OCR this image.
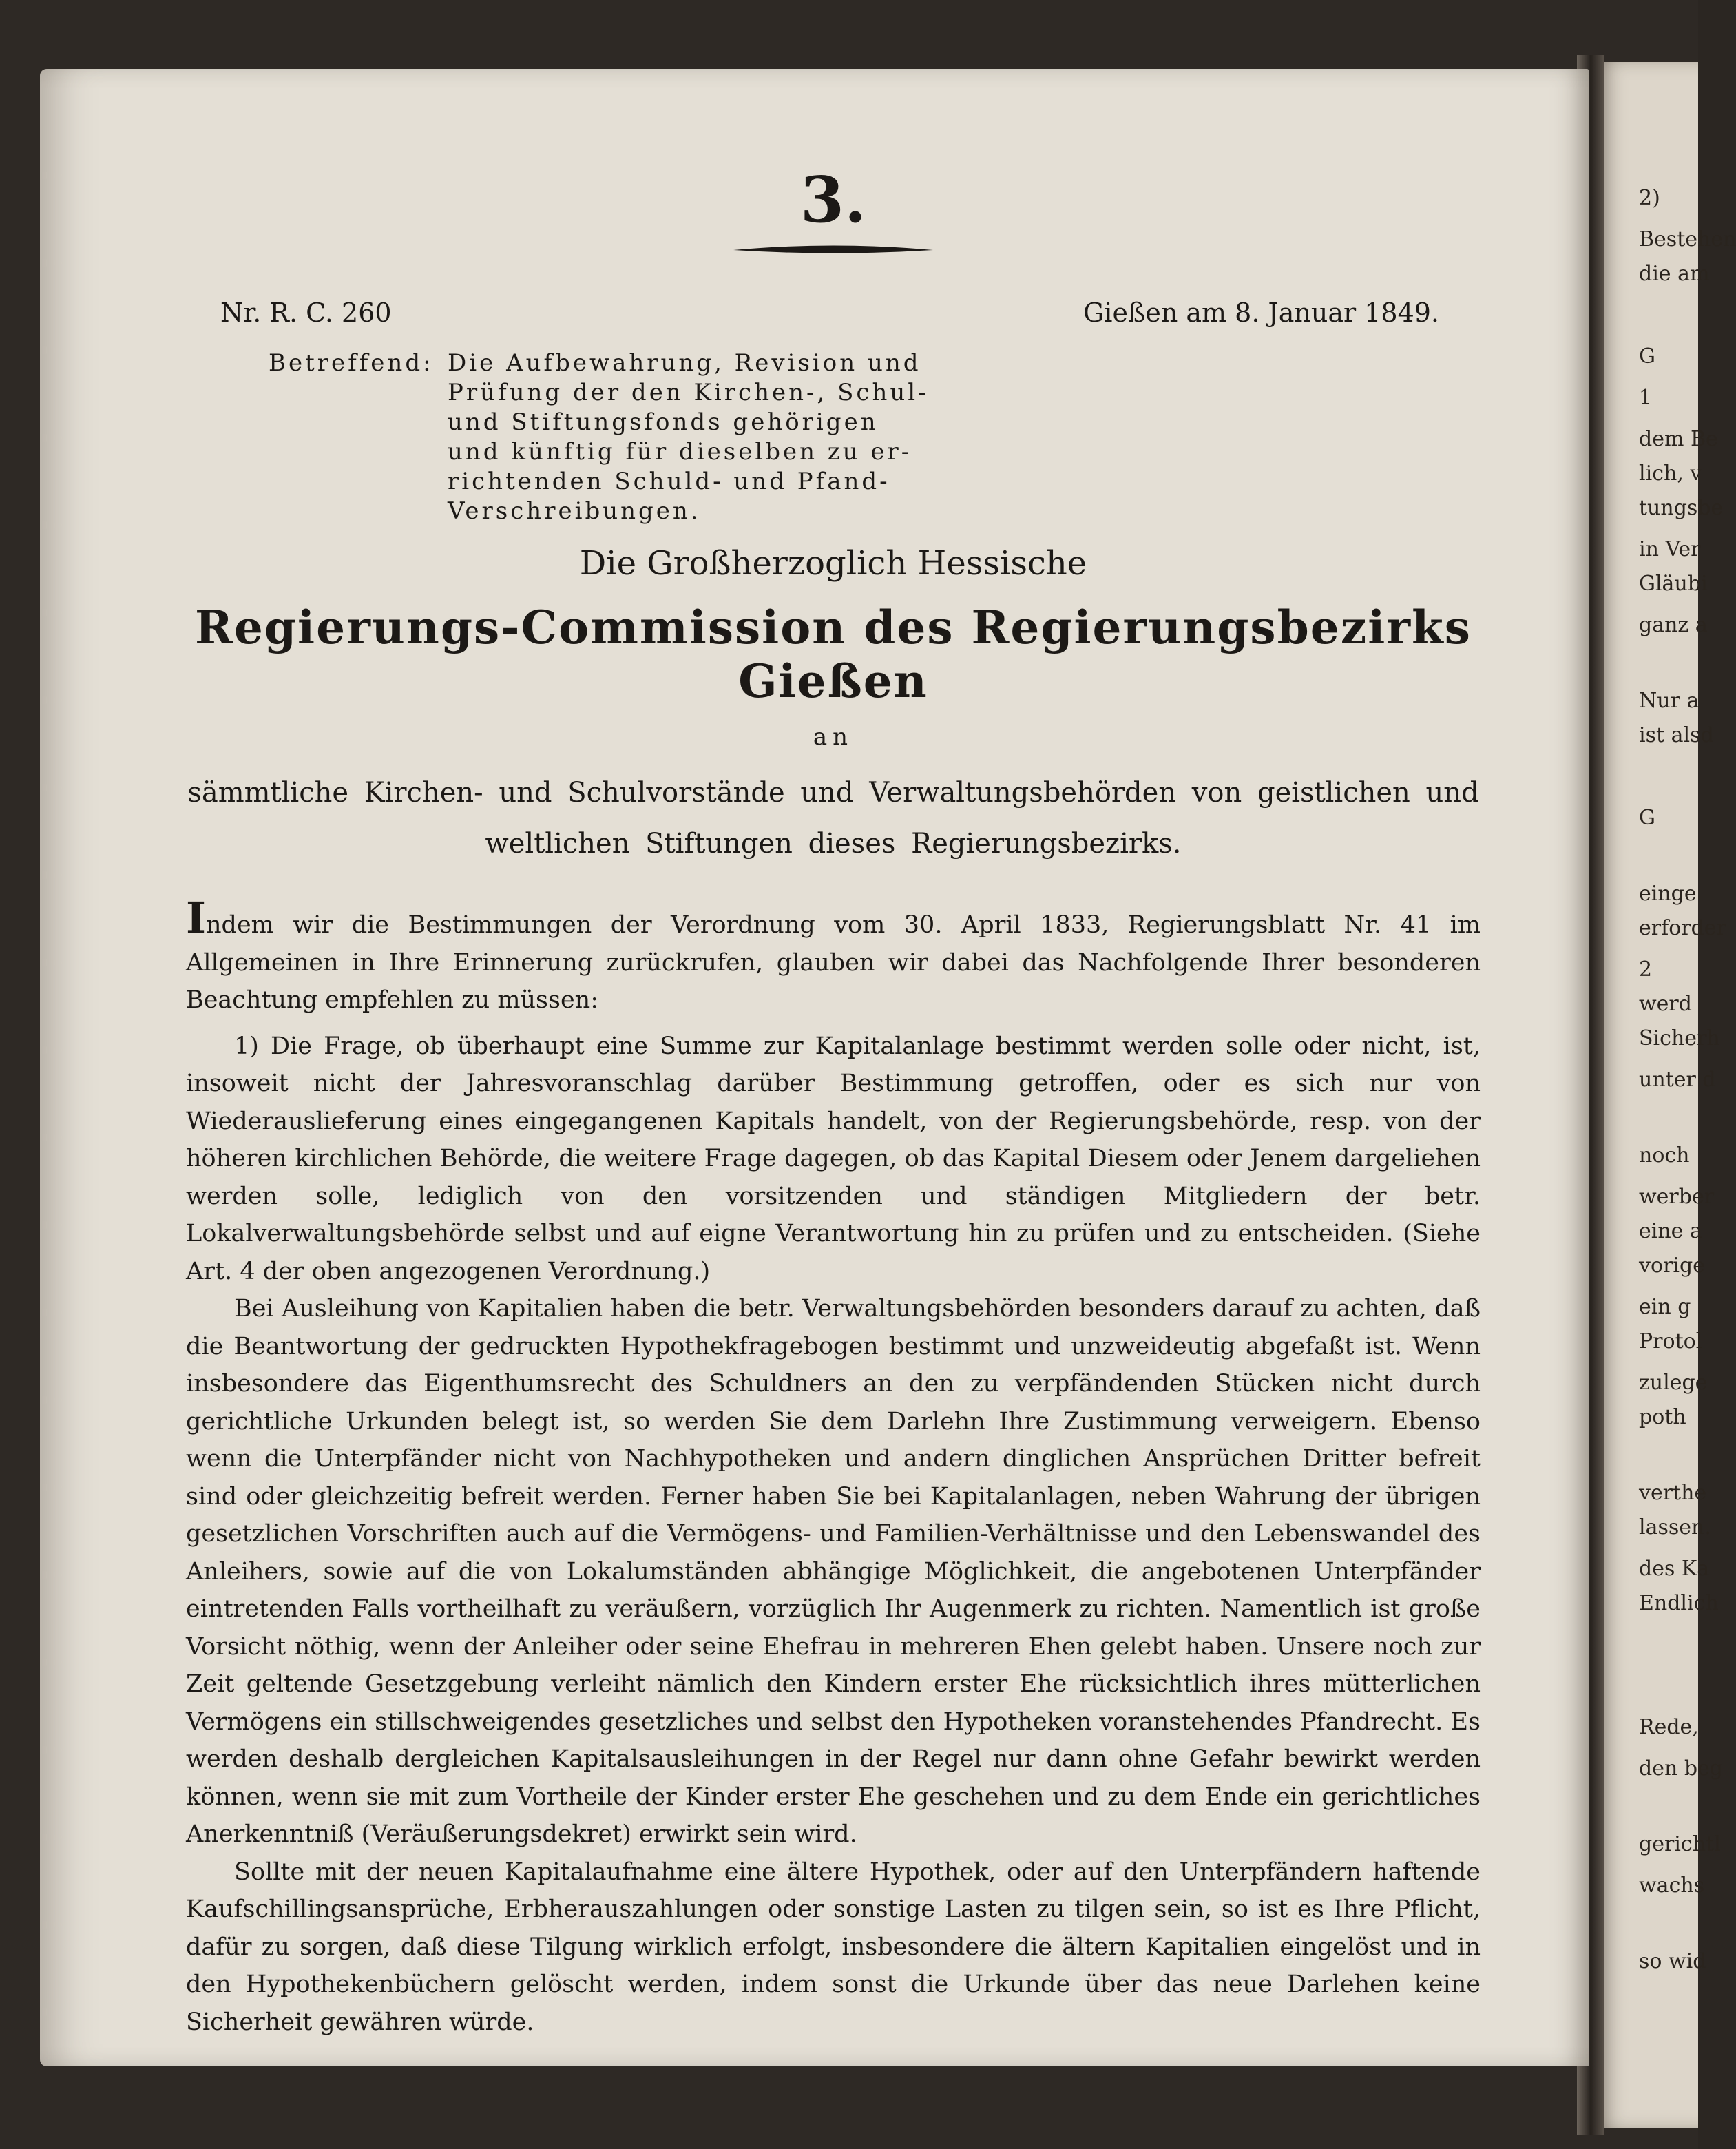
3.
Nr. R. C. 260	Gießen am 8. Januar 1849.
Betreffend: Die Aufbewahrung, Revision und
Prüfung der den Kirchen-, Schul-
und Stiftungsfonds gehörigen
und künftig für dieselben zu er-
richtenden Schuld- und Pfand-
Verschreibungen.
Die Großherzoglich Hessische
Regierungs-Commission des Regierungsbezirks Gießen
an
sämmtliche Kirchen- und Schulvorstände und Verwaltungsbehörden von geistlichen und
weltlichen Stiftungen dieses Regierungsbezirks.

Indem wir die Bestimmungen der Verordnung vom 30. April 1833, Regierungsblatt Nr. 41 im Allgemeinen in Ihre Erinnerung zurückrufen, glauben wir dabei das Nachfolgende Ihrer besonderen Beachtung empfehlen zu müssen:

1) Die Frage, ob überhaupt eine Summe zur Kapitalanlage bestimmt werden solle oder nicht, ist, insoweit nicht der Jahresvoranschlag darüber Bestimmung getroffen, oder es sich nur von Wiederauslieferung eines eingegangenen Kapitals handelt, von der Regierungsbehörde, resp. von der höheren kirchlichen Behörde, die weitere Frage dagegen, ob das Kapital Diesem oder Jenem dargeliehen werden solle, lediglich von den vorsitzenden und ständigen Mitgliedern der betr. Lokalverwaltungsbehörde selbst und auf eigne Verantwortung hin zu prüfen und zu entscheiden. (Siehe Art. 4 der oben angezogenen Verordnung.)

Bei Ausleihung von Kapitalien haben die betr. Verwaltungsbehörden besonders darauf zu achten, daß die Beantwortung der gedruckten Hypothekfragebogen bestimmt und unzweideutig abgefaßt ist. Wenn insbesondere das Eigenthumsrecht des Schuldners an den zu verpfändenden Stücken nicht durch gerichtliche Urkunden belegt ist, so werden Sie dem Darlehn Ihre Zustimmung verweigern. Ebenso wenn die Unterpfänder nicht von Nachhypotheken und andern dinglichen Ansprüchen Dritter befreit sind oder gleichzeitig befreit werden. Ferner haben Sie bei Kapitalanlagen, neben Wahrung der übrigen gesetzlichen Vorschriften auch auf die Vermögens- und Familien-Verhältnisse und den Lebenswandel des Anleihers, sowie auf die von Lokalumständen abhängige Möglichkeit, die angebotenen Unterpfänder eintretenden Falls vortheilhaft zu veräußern, vorzüglich Ihr Augenmerk zu richten. Namentlich ist große Vorsicht nöthig, wenn der Anleiher oder seine Ehefrau in mehreren Ehen gelebt haben. Unsere noch zur Zeit geltende Gesetzgebung verleiht nämlich den Kindern erster Ehe rücksichtlich ihres mütterlichen Vermögens ein stillschweigendes gesetzliches und selbst den Hypotheken voranstehendes Pfandrecht. Es werden deshalb dergleichen Kapitalsausleihungen in der Regel nur dann ohne Gefahr bewirkt werden können, wenn sie mit zum Vortheile der Kinder erster Ehe geschehen und zu dem Ende ein gerichtliches Anerkenntniß (Veräußerungsdekret) erwirkt sein wird.

Sollte mit der neuen Kapitalaufnahme eine ältere Hypothek, oder auf den Unterpfändern haftende Kaufschillingsansprüche, Erbherauszahlungen oder sonstige Lasten zu tilgen sein, so ist es Ihre Pflicht, dafür zu sorgen, daß diese Tilgung wirklich erfolgt, insbesondere die ältern Kapitalien eingelöst und in den Hypothekenbüchern gelöscht werden, indem sonst die Urkunde über das neue Darlehen keine Sicherheit gewähren würde.

2)
Bestehen
die am
G
1
dem Be
lich, v
tungsbe
in Ver
Gläubi
ganz a
Nur a
ist alsd
G
einge
erforder
2
werd
Sicherh
unter d
noch
werber
eine a
vorige
ein g
Protol
zulege
poth
verthe
lassen.
des Ka
Endlich
Rede,
den beg
gerichtl
wachs
so wid
